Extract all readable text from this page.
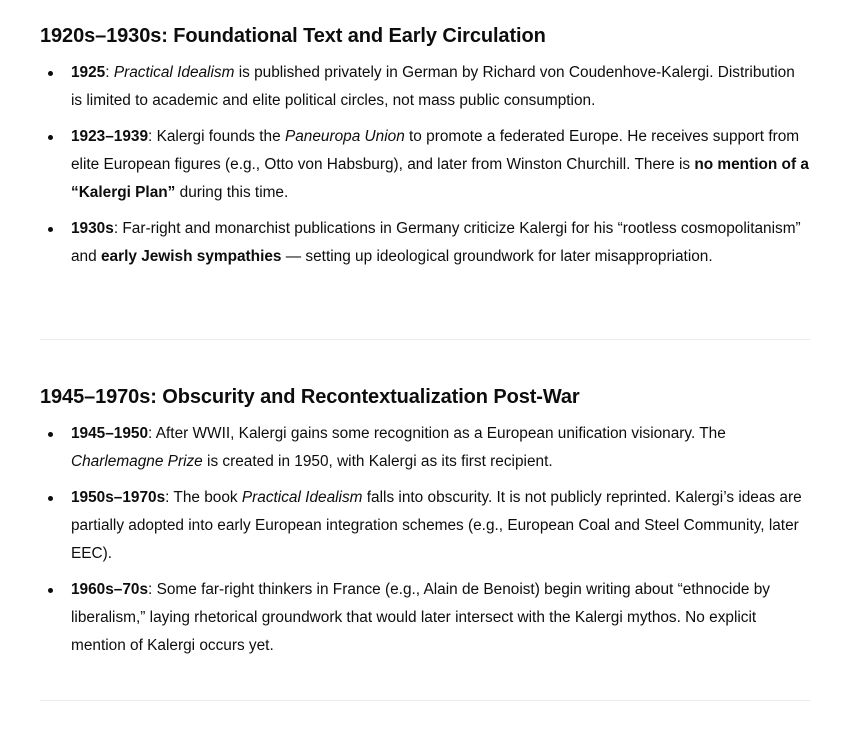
1920s–1930s: Foundational Text and Early Circulation
1925: Practical Idealism is published privately in German by Richard von Coudenhove-Kalergi. Distribution is limited to academic and elite political circles, not mass public consumption.
1923–1939: Kalergi founds the Paneuropa Union to promote a federated Europe. He receives support from elite European figures (e.g., Otto von Habsburg), and later from Winston Churchill. There is no mention of a “Kalergi Plan” during this time.
1930s: Far-right and monarchist publications in Germany criticize Kalergi for his “rootless cosmopolitanism” and early Jewish sympathies — setting up ideological groundwork for later misappropriation.
1945–1970s: Obscurity and Recontextualization Post-War
1945–1950: After WWII, Kalergi gains some recognition as a European unification visionary. The Charlemagne Prize is created in 1950, with Kalergi as its first recipient.
1950s–1970s: The book Practical Idealism falls into obscurity. It is not publicly reprinted. Kalergi’s ideas are partially adopted into early European integration schemes (e.g., European Coal and Steel Community, later EEC).
1960s–70s: Some far-right thinkers in France (e.g., Alain de Benoist) begin writing about “ethnocide by liberalism,” laying rhetorical groundwork that would later intersect with the Kalergi mythos. No explicit mention of Kalergi occurs yet.
